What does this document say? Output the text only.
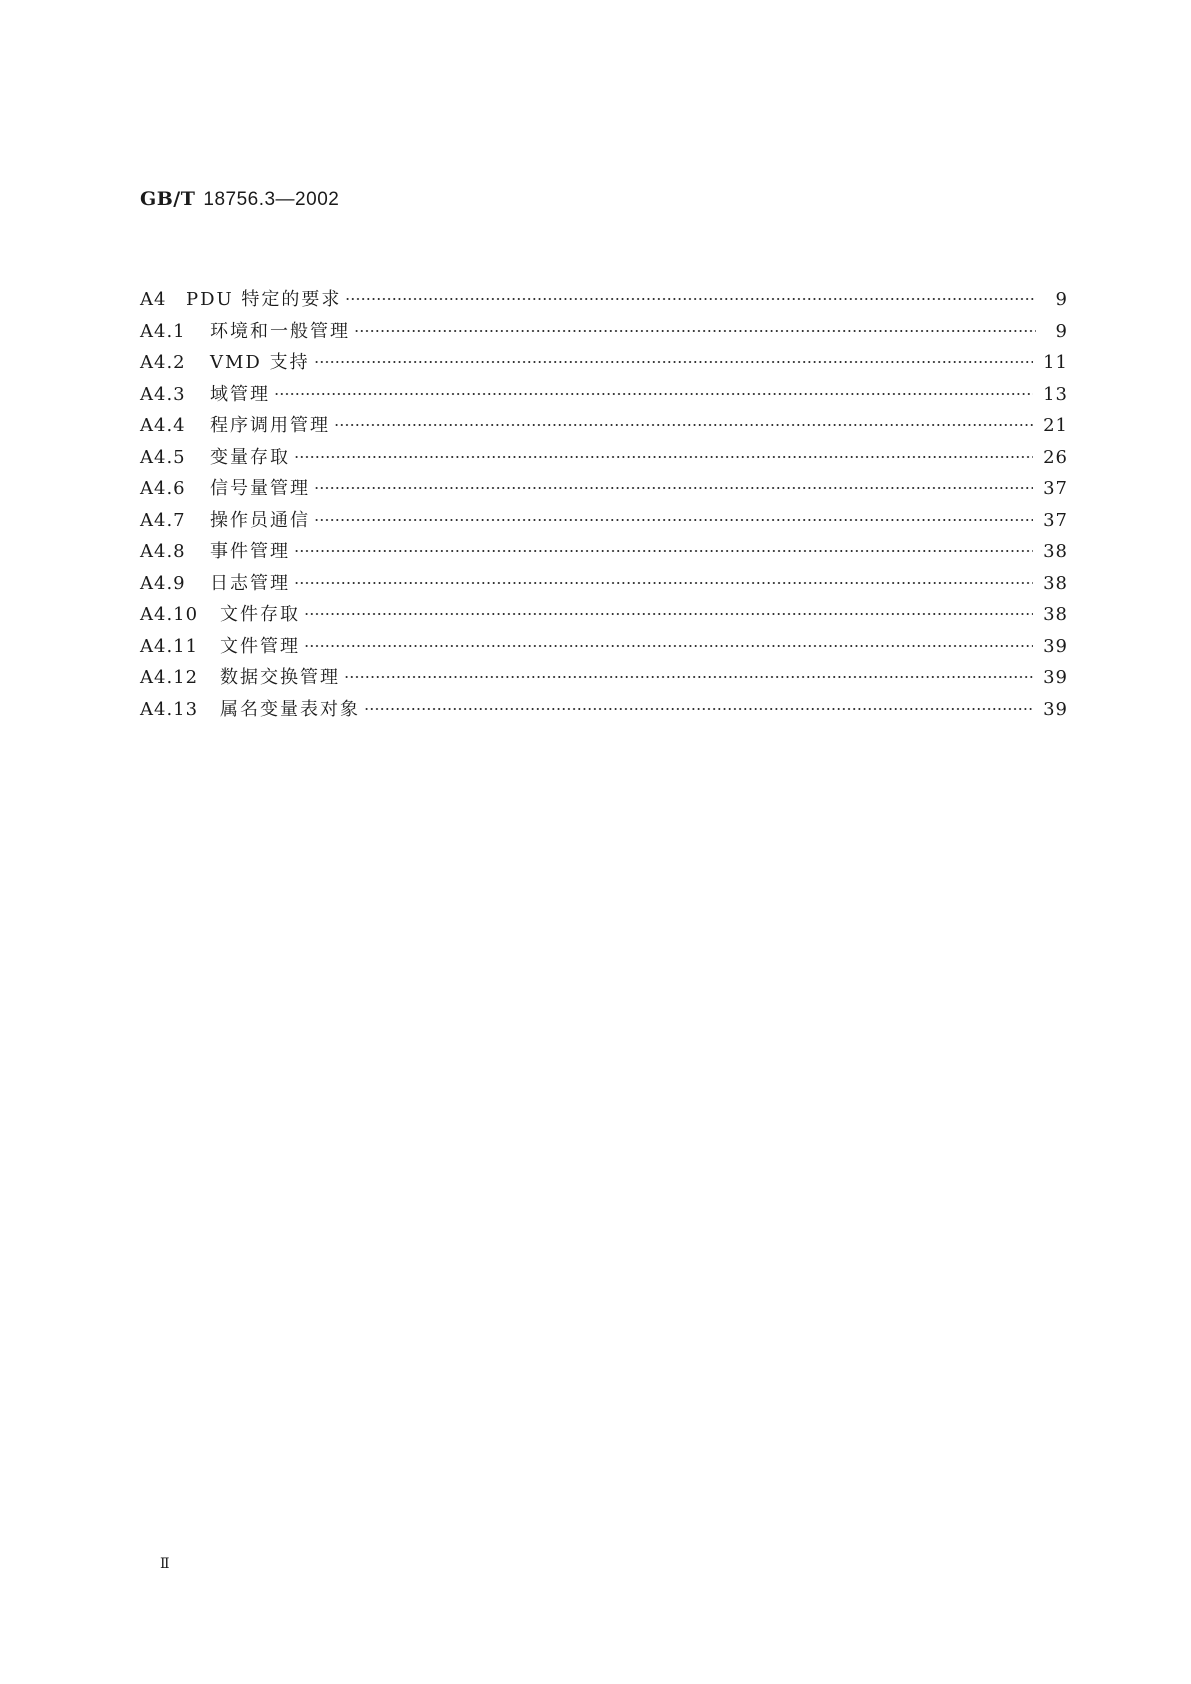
GB/T 18756.3—2002
A4	PDU 特定的要求	9
A4.1	环境和一般管理	9
A4.2	VMD 支持	11
A4.3	域管理	13
A4.4	程序调用管理	21
A4.5	变量存取	26
A4.6	信号量管理	37
A4.7	操作员通信	37
A4.8	事件管理	38
A4.9	日志管理	38
A4.10	文件存取	38
A4.11	文件管理	39
A4.12	数据交换管理	39
A4.13	属名变量表对象	39
Ⅱ
